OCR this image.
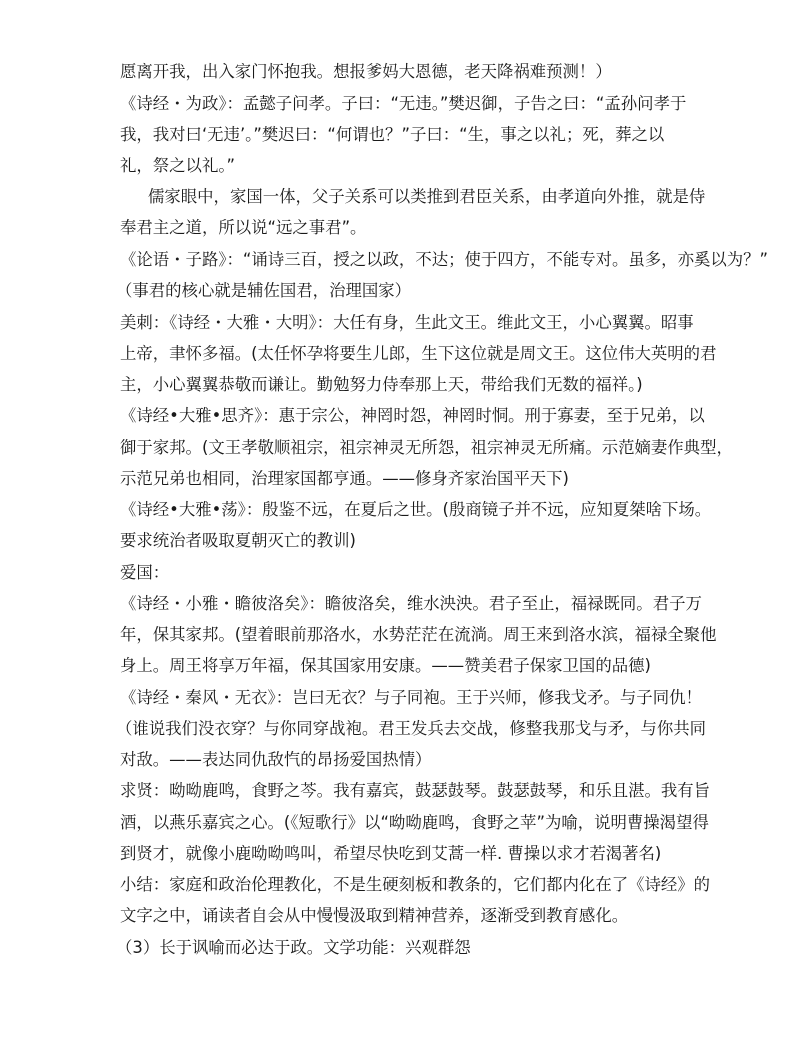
愿离开我，出入家门怀抱我。想报爹妈大恩德，老天降祸难预测！）
《诗经・为政》：孟懿子问孝。子曰：“无违。”樊迟御，子告之曰：“孟孙问孝于
我，我对曰‘无违’。”樊迟曰：“何谓也？”子曰：“生，事之以礼；死，葬之以
礼，祭之以礼。”
儒家眼中，家国一体，父子关系可以类推到君臣关系，由孝道向外推，就是侍
奉君主之道，所以说“远之事君”。
《论语・子路》：“诵诗三百，授之以政，不达；使于四方，不能专对。虽多，亦奚以为？”
（事君的核心就是辅佐国君，治理国家）
美刺：《诗经・大雅・大明》：大任有身，生此文王。维此文王，小心翼翼。昭事
上帝，聿怀多福。(太任怀孕将要生儿郎，生下这位就是周文王。这位伟大英明的君
主，小心翼翼恭敬而谦让。勤勉努力侍奉那上天，带给我们无数的福祥。)
《诗经•大雅•思齐》：惠于宗公，神罔时怨，神罔时恫。刑于寡妻，至于兄弟，以
御于家邦。(文王孝敬顺祖宗，祖宗神灵无所怨，祖宗神灵无所痛。示范嫡妻作典型，
示范兄弟也相同，治理家国都亨通。——修身齐家治国平天下)
《诗经•大雅•荡》：殷鉴不远，在夏后之世。(殷商镜子并不远，应知夏桀啥下场。
要求统治者吸取夏朝灭亡的教训)
爱国：
《诗经・小雅・瞻彼洛矣》：瞻彼洛矣，维水泱泱。君子至止，福禄既同。君子万
年，保其家邦。(望着眼前那洛水，水势茫茫在流淌。周王来到洛水滨，福禄全聚他
身上。周王将享万年福，保其国家用安康。——赞美君子保家卫国的品德)
《诗经・秦风・无衣》：岂曰无衣？与子同袍。王于兴师，修我戈矛。与子同仇！
（谁说我们没衣穿？与你同穿战袍。君王发兵去交战，修整我那戈与矛，与你共同
对敌。——表达同仇敌忾的昂扬爱国热情）
求贤：呦呦鹿鸣，食野之芩。我有嘉宾，鼓瑟鼓琴。鼓瑟鼓琴，和乐且湛。我有旨
酒，以燕乐嘉宾之心。(《短歌行》以“呦呦鹿鸣，食野之苹”为喻，说明曹操渴望得
到贤才，就像小鹿呦呦鸣叫，希望尽快吃到艾蒿一样. 曹操以求才若渴著名)
小结：家庭和政治伦理教化，不是生硬刻板和教条的，它们都内化在了《诗经》的
文字之中，诵读者自会从中慢慢汲取到精神营养，逐渐受到教育感化。
（3）长于讽喻而必达于政。文学功能：兴观群怨
